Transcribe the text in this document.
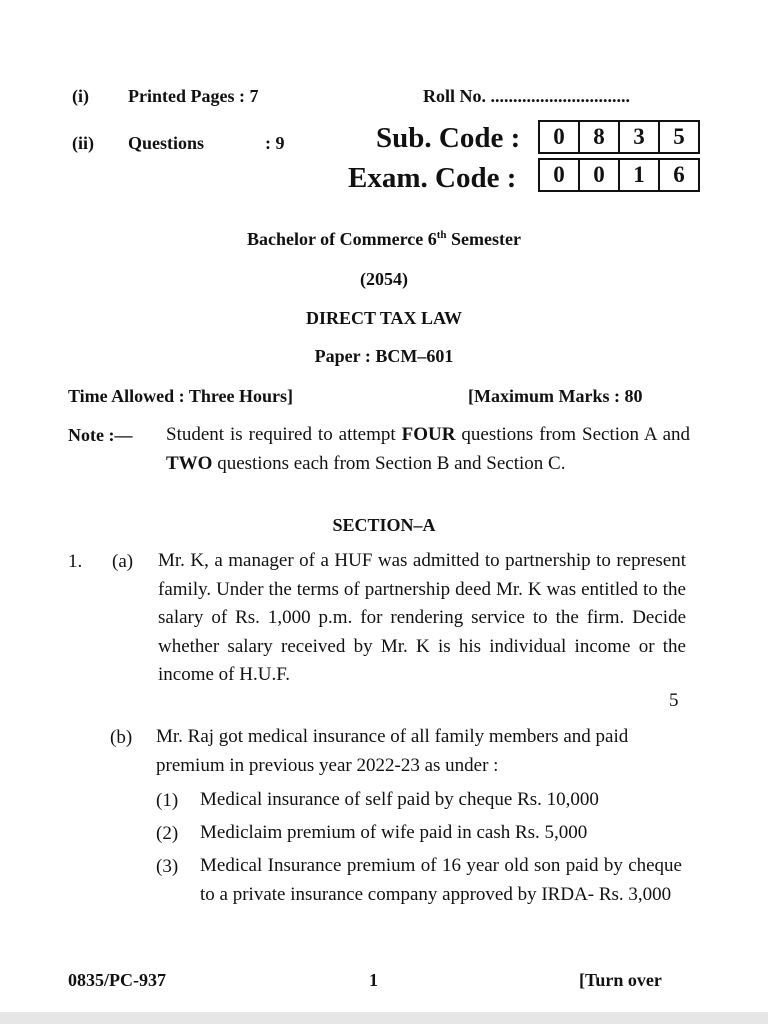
(i) Printed Pages : 7	Roll No. ...............................
(ii) Questions	: 9	Sub. Code :	0	8	3	5
Exam. Code :	0	0	1	6
Bachelor of Commerce 6th Semester
(2054)
DIRECT TAX LAW
Paper : BCM–601
Time Allowed : Three Hours]	[Maximum Marks : 80
Note :— Student is required to attempt FOUR questions from Section A and TWO questions each from Section B and Section C.
SECTION–A
1. (a) Mr. K, a manager of a HUF was admitted to partnership to represent family. Under the terms of partnership deed Mr. K was entitled to the salary of Rs. 1,000 p.m. for rendering service to the firm. Decide whether salary received by Mr. K is his individual income or the income of H.U.F.
5
(b) Mr. Raj got medical insurance of all family members and paid premium in previous year 2022-23 as under :
(1) Medical insurance of self paid by cheque Rs. 10,000
(2) Mediclaim premium of wife paid in cash Rs. 5,000
(3) Medical Insurance premium of 16 year old son paid by cheque to a private insurance company approved by IRDA- Rs. 3,000
0835/PC-937	1	[Turn over
